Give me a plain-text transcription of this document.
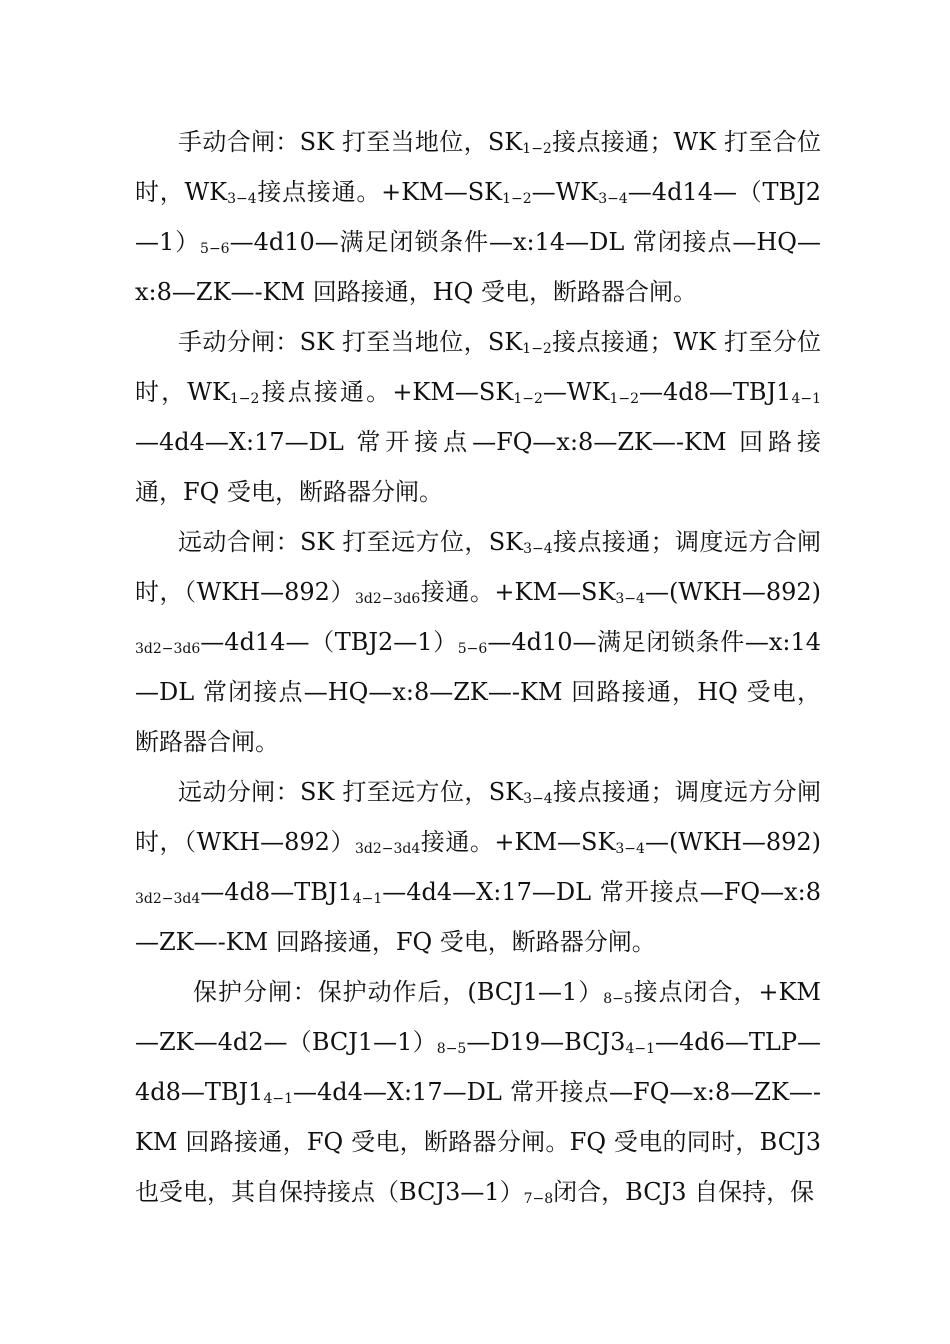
手动合闸：SK 打至当地位，$SK_{1-2}$接点接通；WK 打至合位时，$WK_{3-4}$接点接通。$+KM—SK_{1-2}—WK_{3-4}—4d14—(TBJ2—1)_{5-6}—4d10—$满足闭锁条件—x:14—DL 常闭接点—HQ—x:8—ZK—-KM 回路接通，HQ 受电，断路器合闸。

手动分闸：SK 打至当地位，$SK_{1-2}$接点接通；WK 打至分位时，$WK_{1-2}$接点接通。$+KM—SK_{1-2}—WK_{1-2}—4d8—TBJ1_{4-1}—4d4—X:17—DL$ 常开接点—FQ—x:8—ZK—-KM 回路接通，FQ 受电，断路器分闸。

远动合闸：SK 打至远方位，$SK_{3-4}$接点接通；调度远方合闸时，$(WKH—892)_{3d2-3d6}$接通。$+KM—SK_{3-4}—(WKH—892)_{3d2-3d6}—4d14—(TBJ2—1)_{5-6}—4d10—$满足闭锁条件—x:14—DL 常闭接点—HQ—x:8—ZK—-KM 回路接通，HQ 受电，断路器合闸。

远动分闸：SK 打至远方位，$SK_{3-4}$接点接通；调度远方分闸时，$(WKH—892)_{3d2-3d4}$接通。$+KM—SK_{3-4}—(WKH—892)_{3d2-3d4}—4d8—TBJ1_{4-1}—4d4—X:17—DL$ 常开接点—FQ—x:8—ZK—-KM 回路接通，FQ 受电，断路器分闸。

保护分闸：保护动作后，$(BCJ1—1)_{8-5}$接点闭合，$+KM—ZK—4d2—(BCJ1—1)_{8-5}—D19—BCJ3_{4-1}—4d6—TLP—4d8—TBJ1_{4-1}—4d4—X:17—DL$ 常开接点—FQ—x:8—ZK—-KM 回路接通，FQ 受电，断路器分闸。FQ 受电的同时，BCJ3 也受电，其自保持接点$(BCJ3—1)_{7-8}$闭合，BCJ3 自保持，保
